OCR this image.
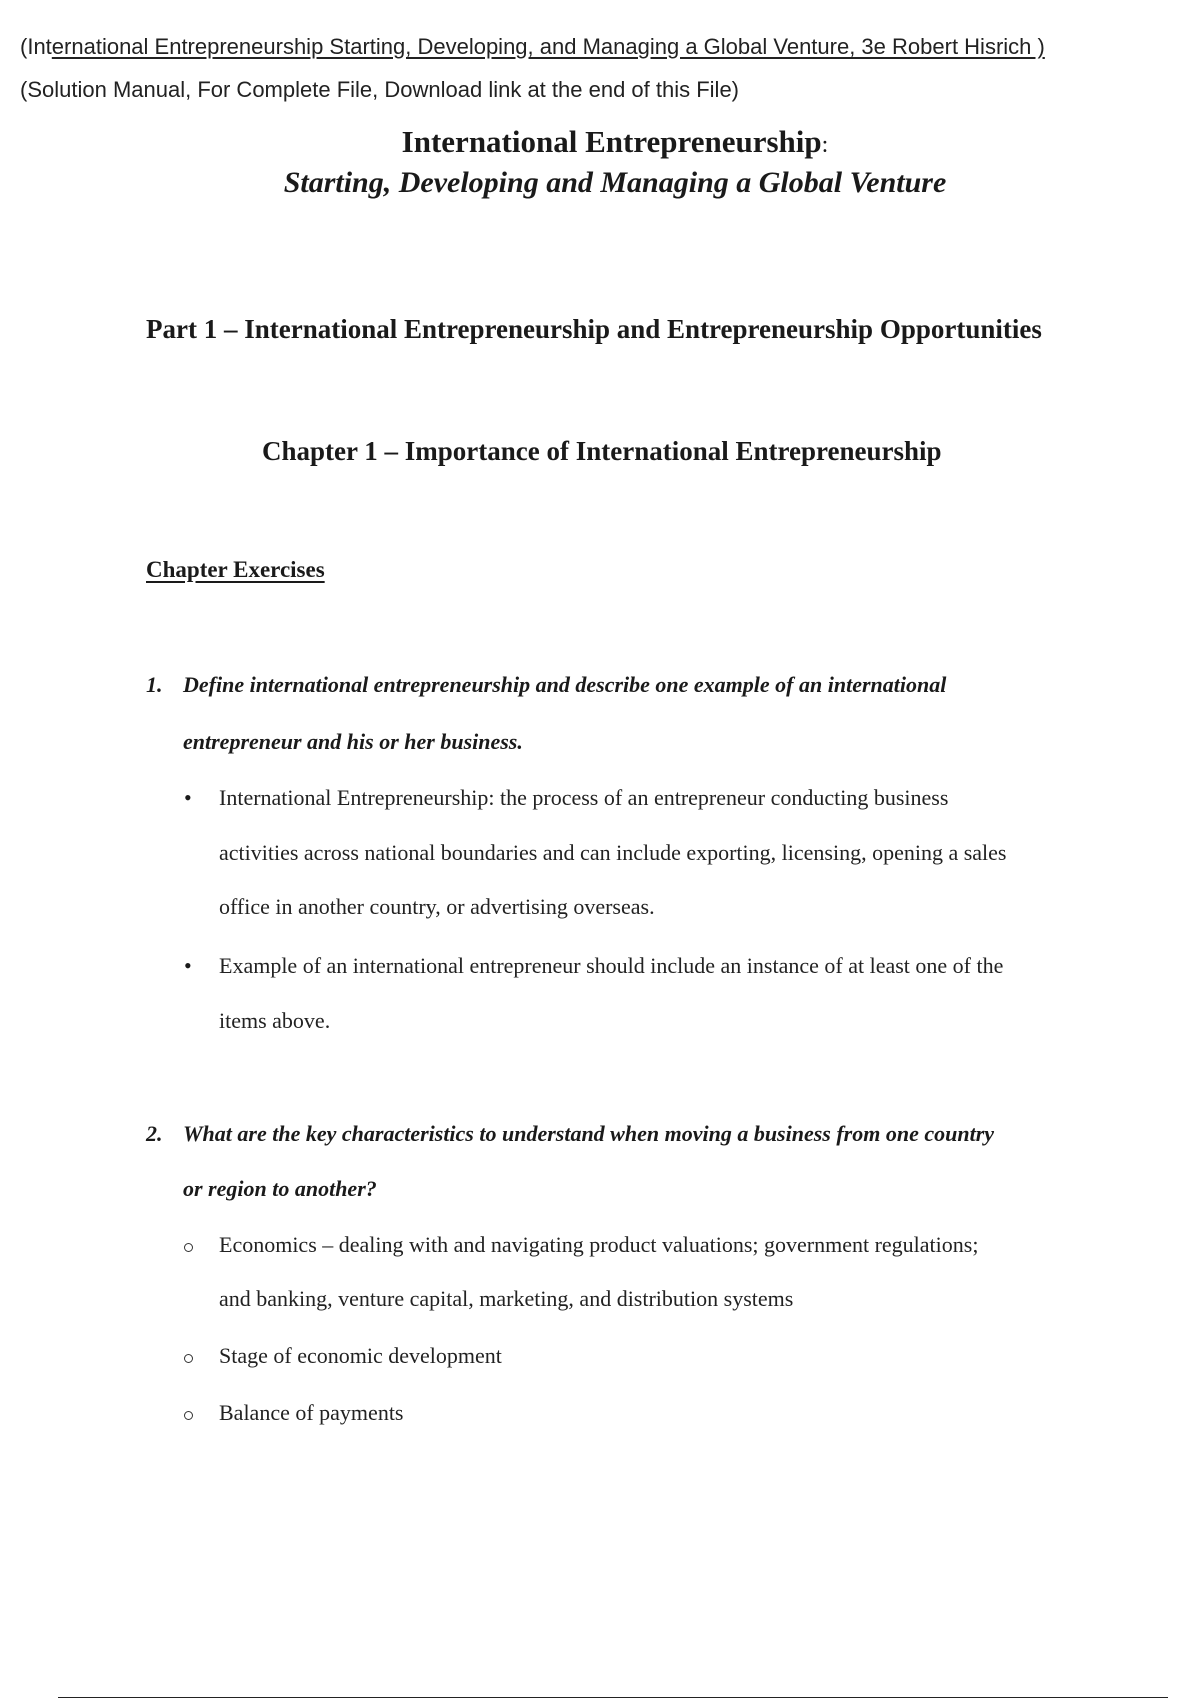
(International Entrepreneurship Starting, Developing, and Managing a Global Venture, 3e Robert Hisrich )
(Solution Manual, For Complete File, Download link at the end of this File)
International Entrepreneurship:
Starting, Developing and Managing a Global Venture
Part 1 – International Entrepreneurship and Entrepreneurship Opportunities
Chapter 1 – Importance of International Entrepreneurship
Chapter Exercises
1. Define international entrepreneurship and describe one example of an international
entrepreneur and his or her business.
• International Entrepreneurship: the process of an entrepreneur conducting business
activities across national boundaries and can include exporting, licensing, opening a sales
office in another country, or advertising overseas.
• Example of an international entrepreneur should include an instance of at least one of the
items above.
2. What are the key characteristics to understand when moving a business from one country
or region to another?
Economics – dealing with and navigating product valuations; government regulations;
and banking, venture capital, marketing, and distribution systems
Stage of economic development
Balance of payments
